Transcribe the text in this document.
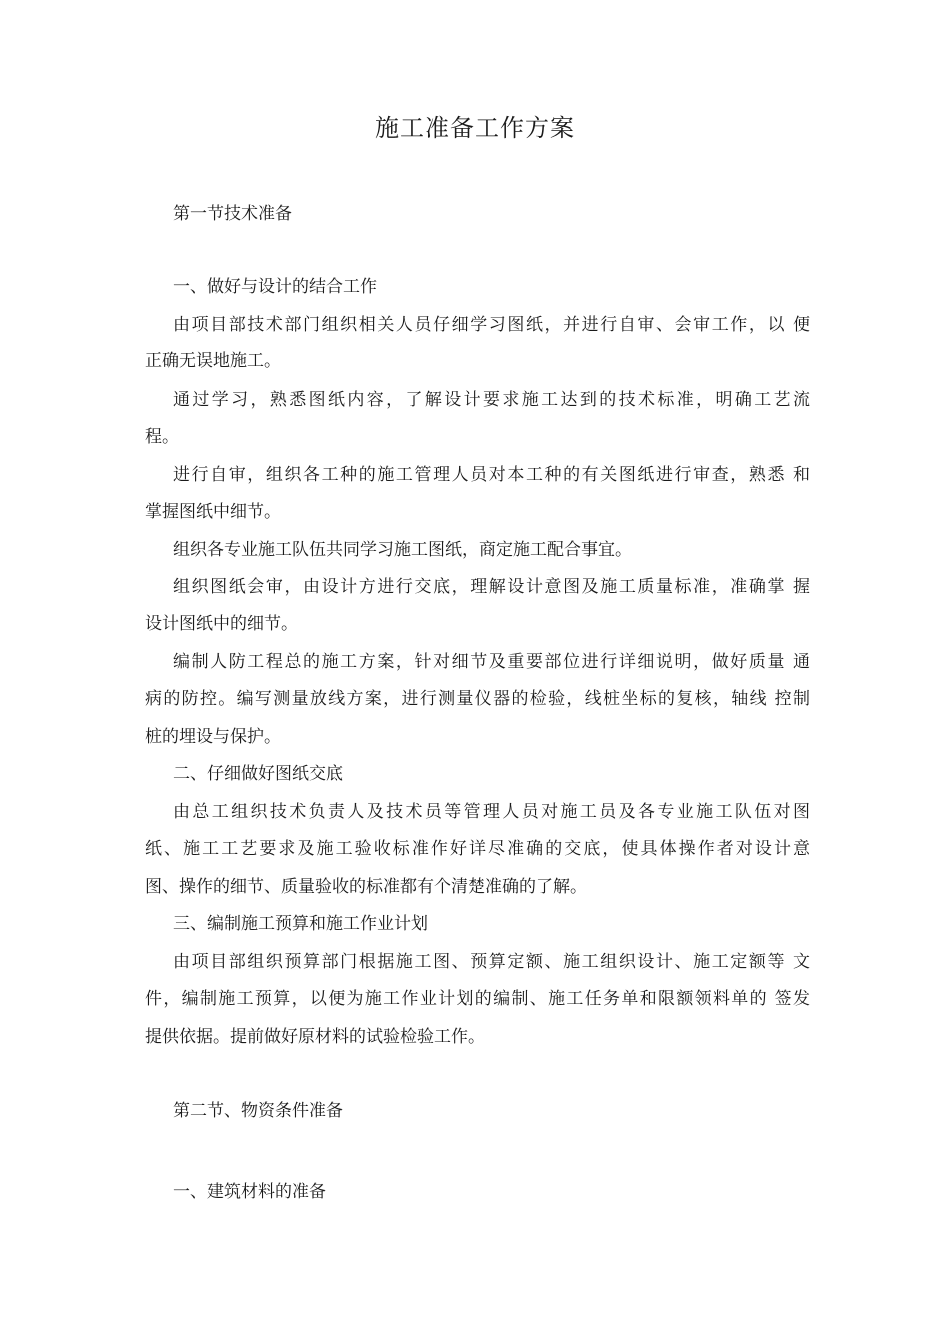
施工准备工作方案
第一节技术准备
一、做好与设计的结合工作
由项目部技术部门组织相关人员仔细学习图纸，并进行自审、会审工作，以 便
正确无误地施工。
通过学习，熟悉图纸内容，了解设计要求施工达到的技术标准，明确工艺流
程。
进行自审，组织各工种的施工管理人员对本工种的有关图纸进行审查，熟悉 和
掌握图纸中细节。
组织各专业施工队伍共同学习施工图纸，商定施工配合事宜。
组织图纸会审，由设计方进行交底，理解设计意图及施工质量标准，准确掌 握
设计图纸中的细节。
编制人防工程总的施工方案，针对细节及重要部位进行详细说明，做好质量 通
病的防控。编写测量放线方案，进行测量仪器的检验，线桩坐标的复核，轴线 控制
桩的埋设与保护。
二、仔细做好图纸交底
由总工组织技术负责人及技术员等管理人员对施工员及各专业施工队伍对图
纸、施工工艺要求及施工验收标准作好详尽准确的交底，使具体操作者对设计意
图、操作的细节、质量验收的标准都有个清楚准确的了解。
三、编制施工预算和施工作业计划
由项目部组织预算部门根据施工图、预算定额、施工组织设计、施工定额等 文
件，编制施工预算，以便为施工作业计划的编制、施工任务单和限额领料单的 签发
提供依据。提前做好原材料的试验检验工作。
第二节、物资条件准备
一、建筑材料的准备
